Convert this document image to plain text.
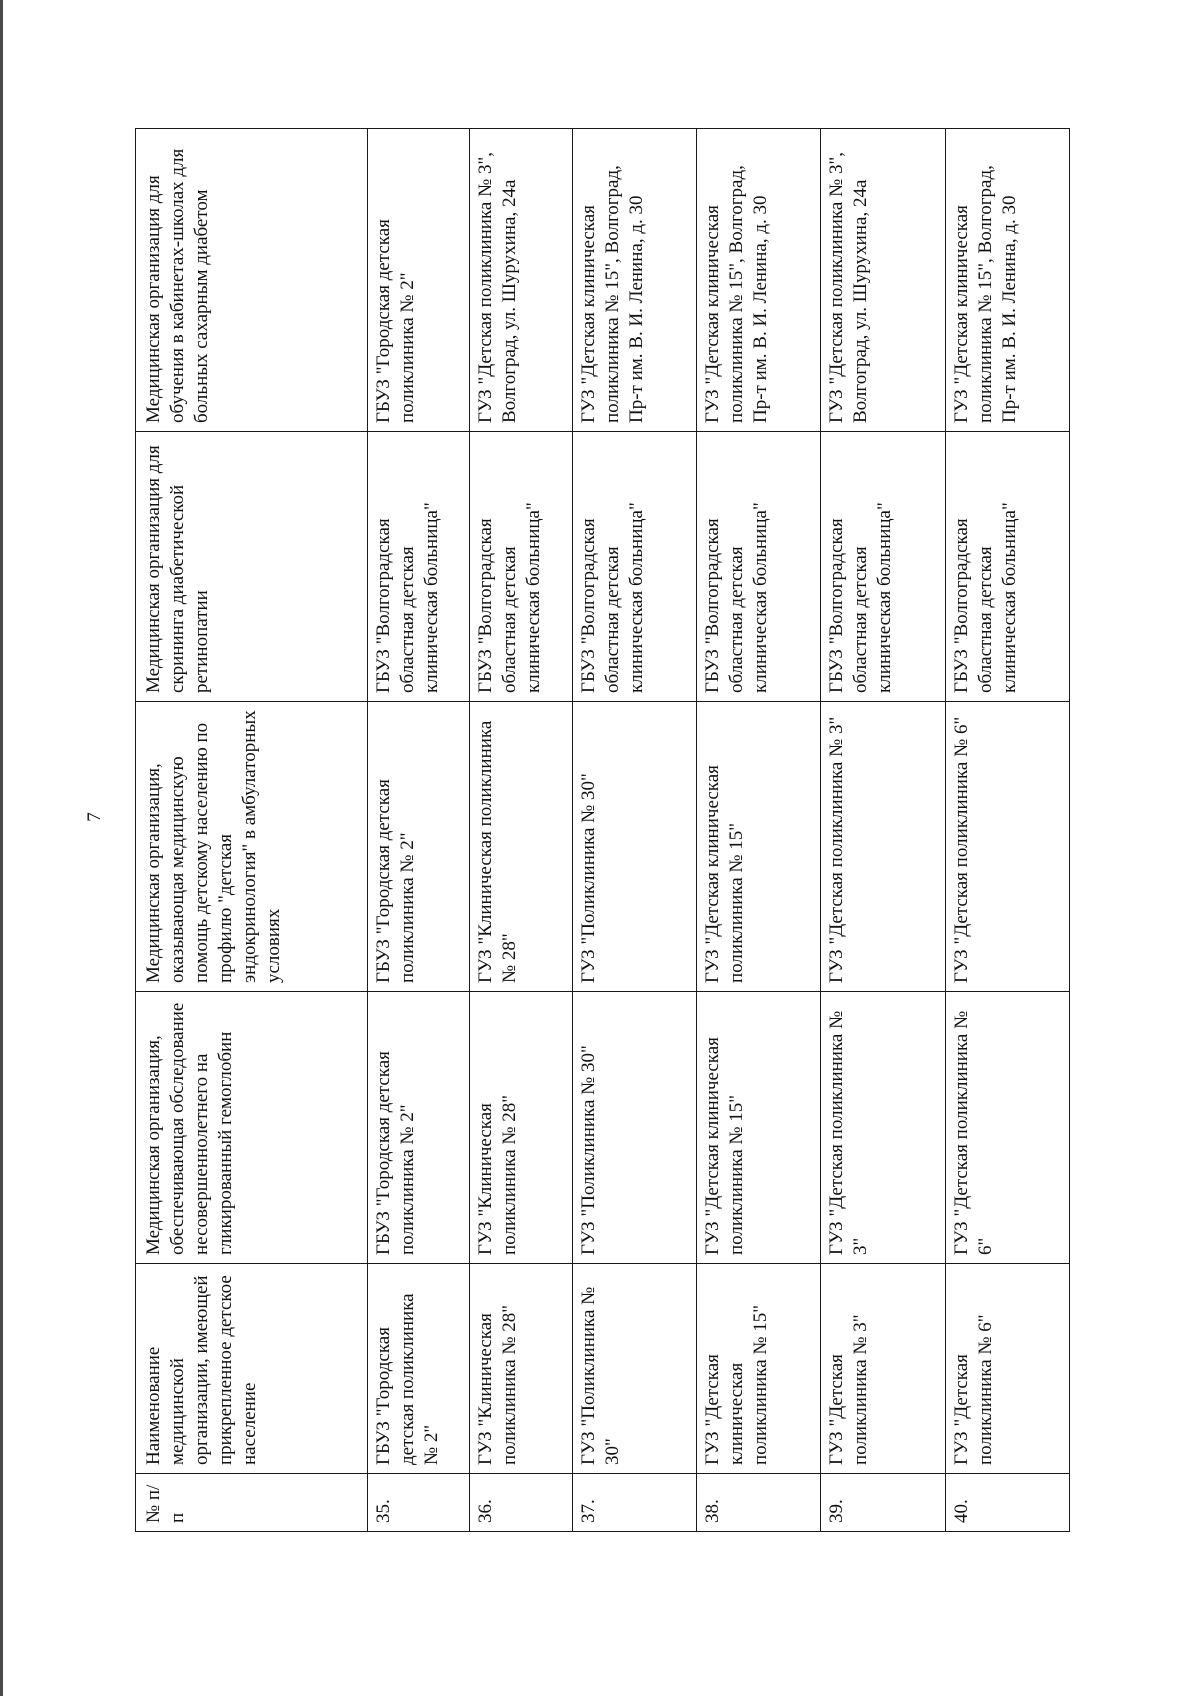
7
№ п/п	Наименование медицинской организации, имеющей прикрепленное детское население	Медицинская организация, обеспечивающая обследование несовершеннолетнего на гликированный гемоглобин	Медицинская организация, оказывающая медицинскую помощь детскому населению по профилю "детская эндокринология" в амбулаторных условиях	Медицинская организация для скрининга диабетической ретинопатии	Медицинская организация для обучения в кабинетах-школах для больных сахарным диабетом
35.	ГБУЗ "Городская детская поликлиника № 2"	ГБУЗ "Городская детская поликлиника № 2"	ГБУЗ "Городская детская поликлиника № 2"	ГБУЗ "Волгоградская областная детская клиническая больница"	ГБУЗ "Городская детская поликлиника № 2"
36.	ГУЗ "Клиническая поликлиника № 28"	ГУЗ "Клиническая поликлиника № 28"	ГУЗ "Клиническая поликлиника № 28"	ГБУЗ "Волгоградская областная детская клиническая больница"	ГУЗ "Детская поликлиника № 3", Волгоград, ул. Шурухина, 24а
37.	ГУЗ "Поликлиника № 30"	ГУЗ "Поликлиника № 30"	ГУЗ "Поликлиника № 30"	ГБУЗ "Волгоградская областная детская клиническая больница"	ГУЗ "Детская клиническая поликлиника № 15", Волгоград, Пр-т им. В. И. Ленина, д. 30
38.	ГУЗ "Детская клиническая поликлиника № 15"	ГУЗ "Детская клиническая поликлиника № 15"	ГУЗ "Детская клиническая поликлиника № 15"	ГБУЗ "Волгоградская областная детская клиническая больница"	ГУЗ "Детская клиническая поликлиника № 15", Волгоград, Пр-т им. В. И. Ленина, д. 30
39.	ГУЗ "Детская поликлиника № 3"	ГУЗ "Детская поликлиника № 3"	ГУЗ "Детская поликлиника № 3"	ГБУЗ "Волгоградская областная детская клиническая больница"	ГУЗ "Детская поликлиника № 3", Волгоград, ул. Шурухина, 24а
40.	ГУЗ "Детская поликлиника № 6"	ГУЗ "Детская поликлиника № 6"	ГУЗ "Детская поликлиника № 6"	ГБУЗ "Волгоградская областная детская клиническая больница"	ГУЗ "Детская клиническая поликлиника № 15", Волгоград, Пр-т им. В. И. Ленина, д. 30
